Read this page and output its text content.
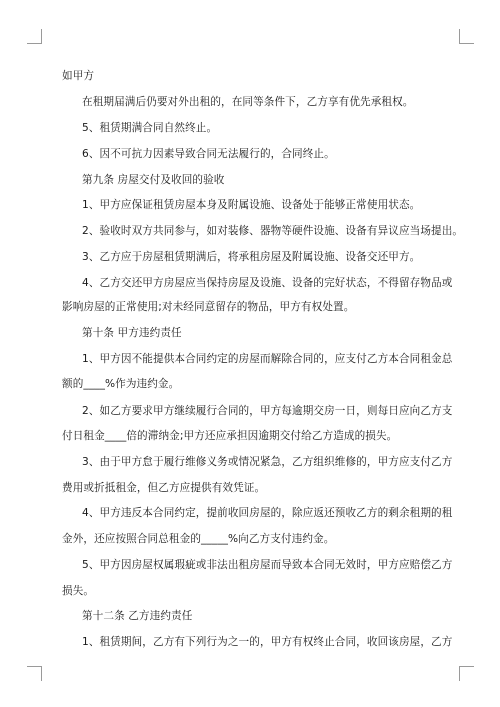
如甲方
在租期届满后仍要对外出租的，在同等条件下，乙方享有优先承租权。
5、租赁期满合同自然终止。
6、因不可抗力因素导致合同无法履行的，合同终止。
第九条 房屋交付及收回的验收
1、甲方应保证租赁房屋本身及附属设施、设备处于能够正常使用状态。
2、验收时双方共同参与，如对装修、器物等硬件设施、设备有异议应当场提出。
3、乙方应于房屋租赁期满后，将承租房屋及附属设施、设备交还甲方。
4、乙方交还甲方房屋应当保持房屋及设施、设备的完好状态，不得留存物品或
影响房屋的正常使用;对未经同意留存的物品，甲方有权处置。
第十条 甲方违约责任
1、甲方因不能提供本合同约定的房屋而解除合同的，应支付乙方本合同租金总
额的____%作为违约金。
2、如乙方要求甲方继续履行合同的，甲方每逾期交房一日，则每日应向乙方支
付日租金____倍的滞纳金;甲方还应承担因逾期交付给乙方造成的损失。
3、由于甲方怠于履行维修义务或情况紧急，乙方组织维修的，甲方应支付乙方
费用或折抵租金，但乙方应提供有效凭证。
4、甲方违反本合同约定，提前收回房屋的，除应返还预收乙方的剩余租期的租
金外，还应按照合同总租金的_____%向乙方支付违约金。
5、甲方因房屋权属瑕疵或非法出租房屋而导致本合同无效时，甲方应赔偿乙方
损失。
第十二条 乙方违约责任
1、租赁期间，乙方有下列行为之一的，甲方有权终止合同，收回该房屋，乙方
